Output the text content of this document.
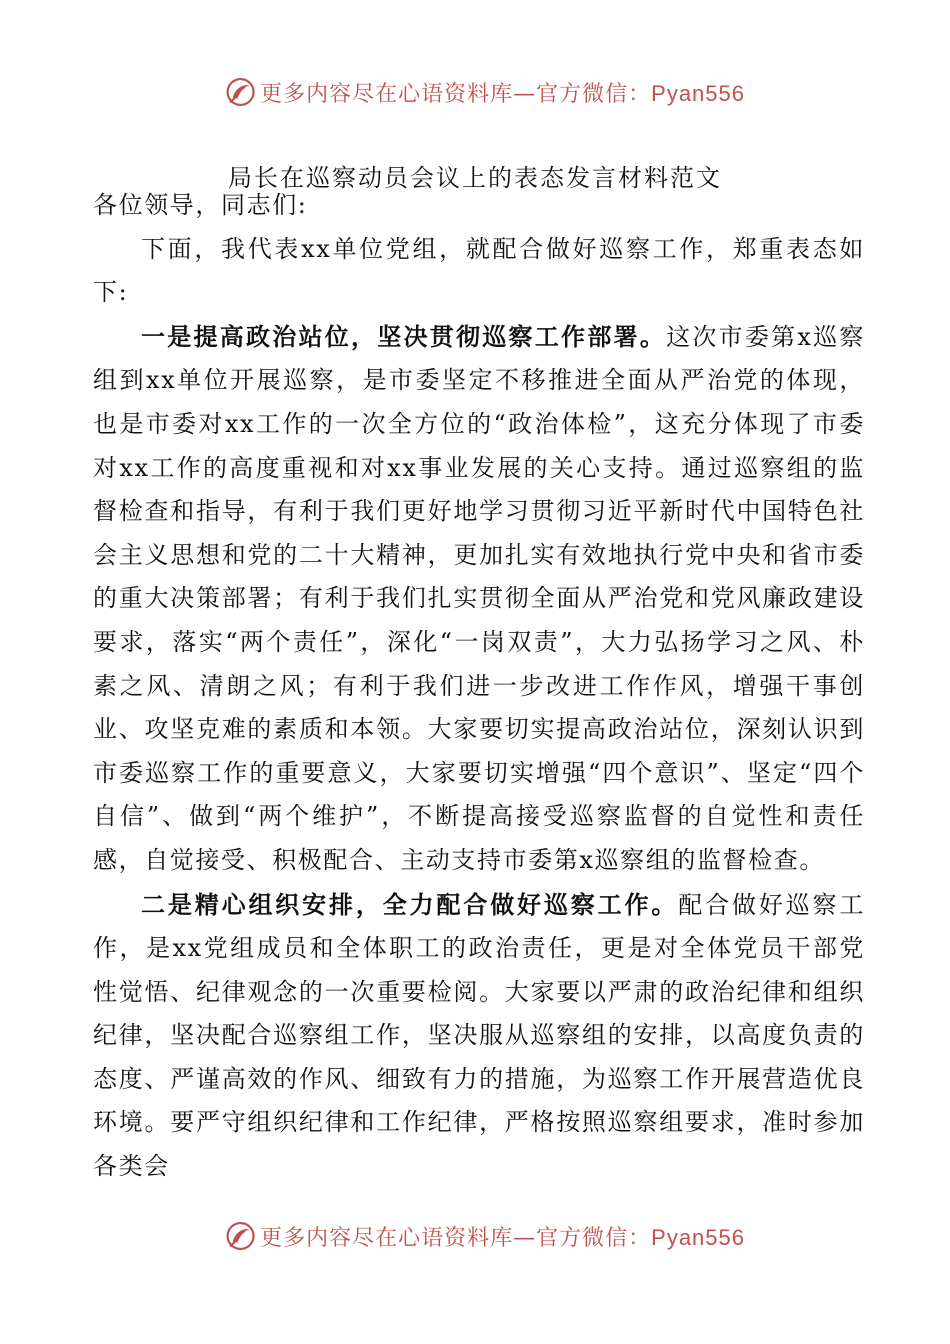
更多内容尽在心语资料库—官方微信：Pyan556
局长在巡察动员会议上的表态发言材料范文

各位领导，同志们:

下面，我代表xx单位党组，就配合做好巡察工作，郑重表态如下:

一是提高政治站位，坚决贯彻巡察工作部署。这次市委第x巡察组到xx单位开展巡察，是市委坚定不移推进全面从严治党的体现，也是市委对xx工作的一次全方位的“政治体检”，这充分体现了市委对xx工作的高度重视和对xx事业发展的关心支持。通过巡察组的监督检查和指导，有利于我们更好地学习贯彻习近平新时代中国特色社会主义思想和党的二十大精神，更加扎实有效地执行党中央和省市委的重大决策部署；有利于我们扎实贯彻全面从严治党和党风廉政建设要求，落实“两个责任”，深化“一岗双责”，大力弘扬学习之风、朴素之风、清朗之风；有利于我们进一步改进工作作风，增强干事创业、攻坚克难的素质和本领。大家要切实提高政治站位，深刻认识到市委巡察工作的重要意义，大家要切实增强“四个意识”、坚定“四个自信”、做到“两个维护”，不断提高接受巡察监督的自觉性和责任感，自觉接受、积极配合、主动支持市委第x巡察组的监督检查。

二是精心组织安排，全力配合做好巡察工作。配合做好巡察工作，是xx党组成员和全体职工的政治责任，更是对全体党员干部党性觉悟、纪律观念的一次重要检阅。大家要以严肃的政治纪律和组织纪律，坚决配合巡察组工作，坚决服从巡察组的安排，以高度负责的态度、严谨高效的作风、细致有力的措施，为巡察工作开展营造优良环境。要严守组织纪律和工作纪律，严格按照巡察组要求，准时参加各类会

更多内容尽在心语资料库—官方微信：Pyan556
